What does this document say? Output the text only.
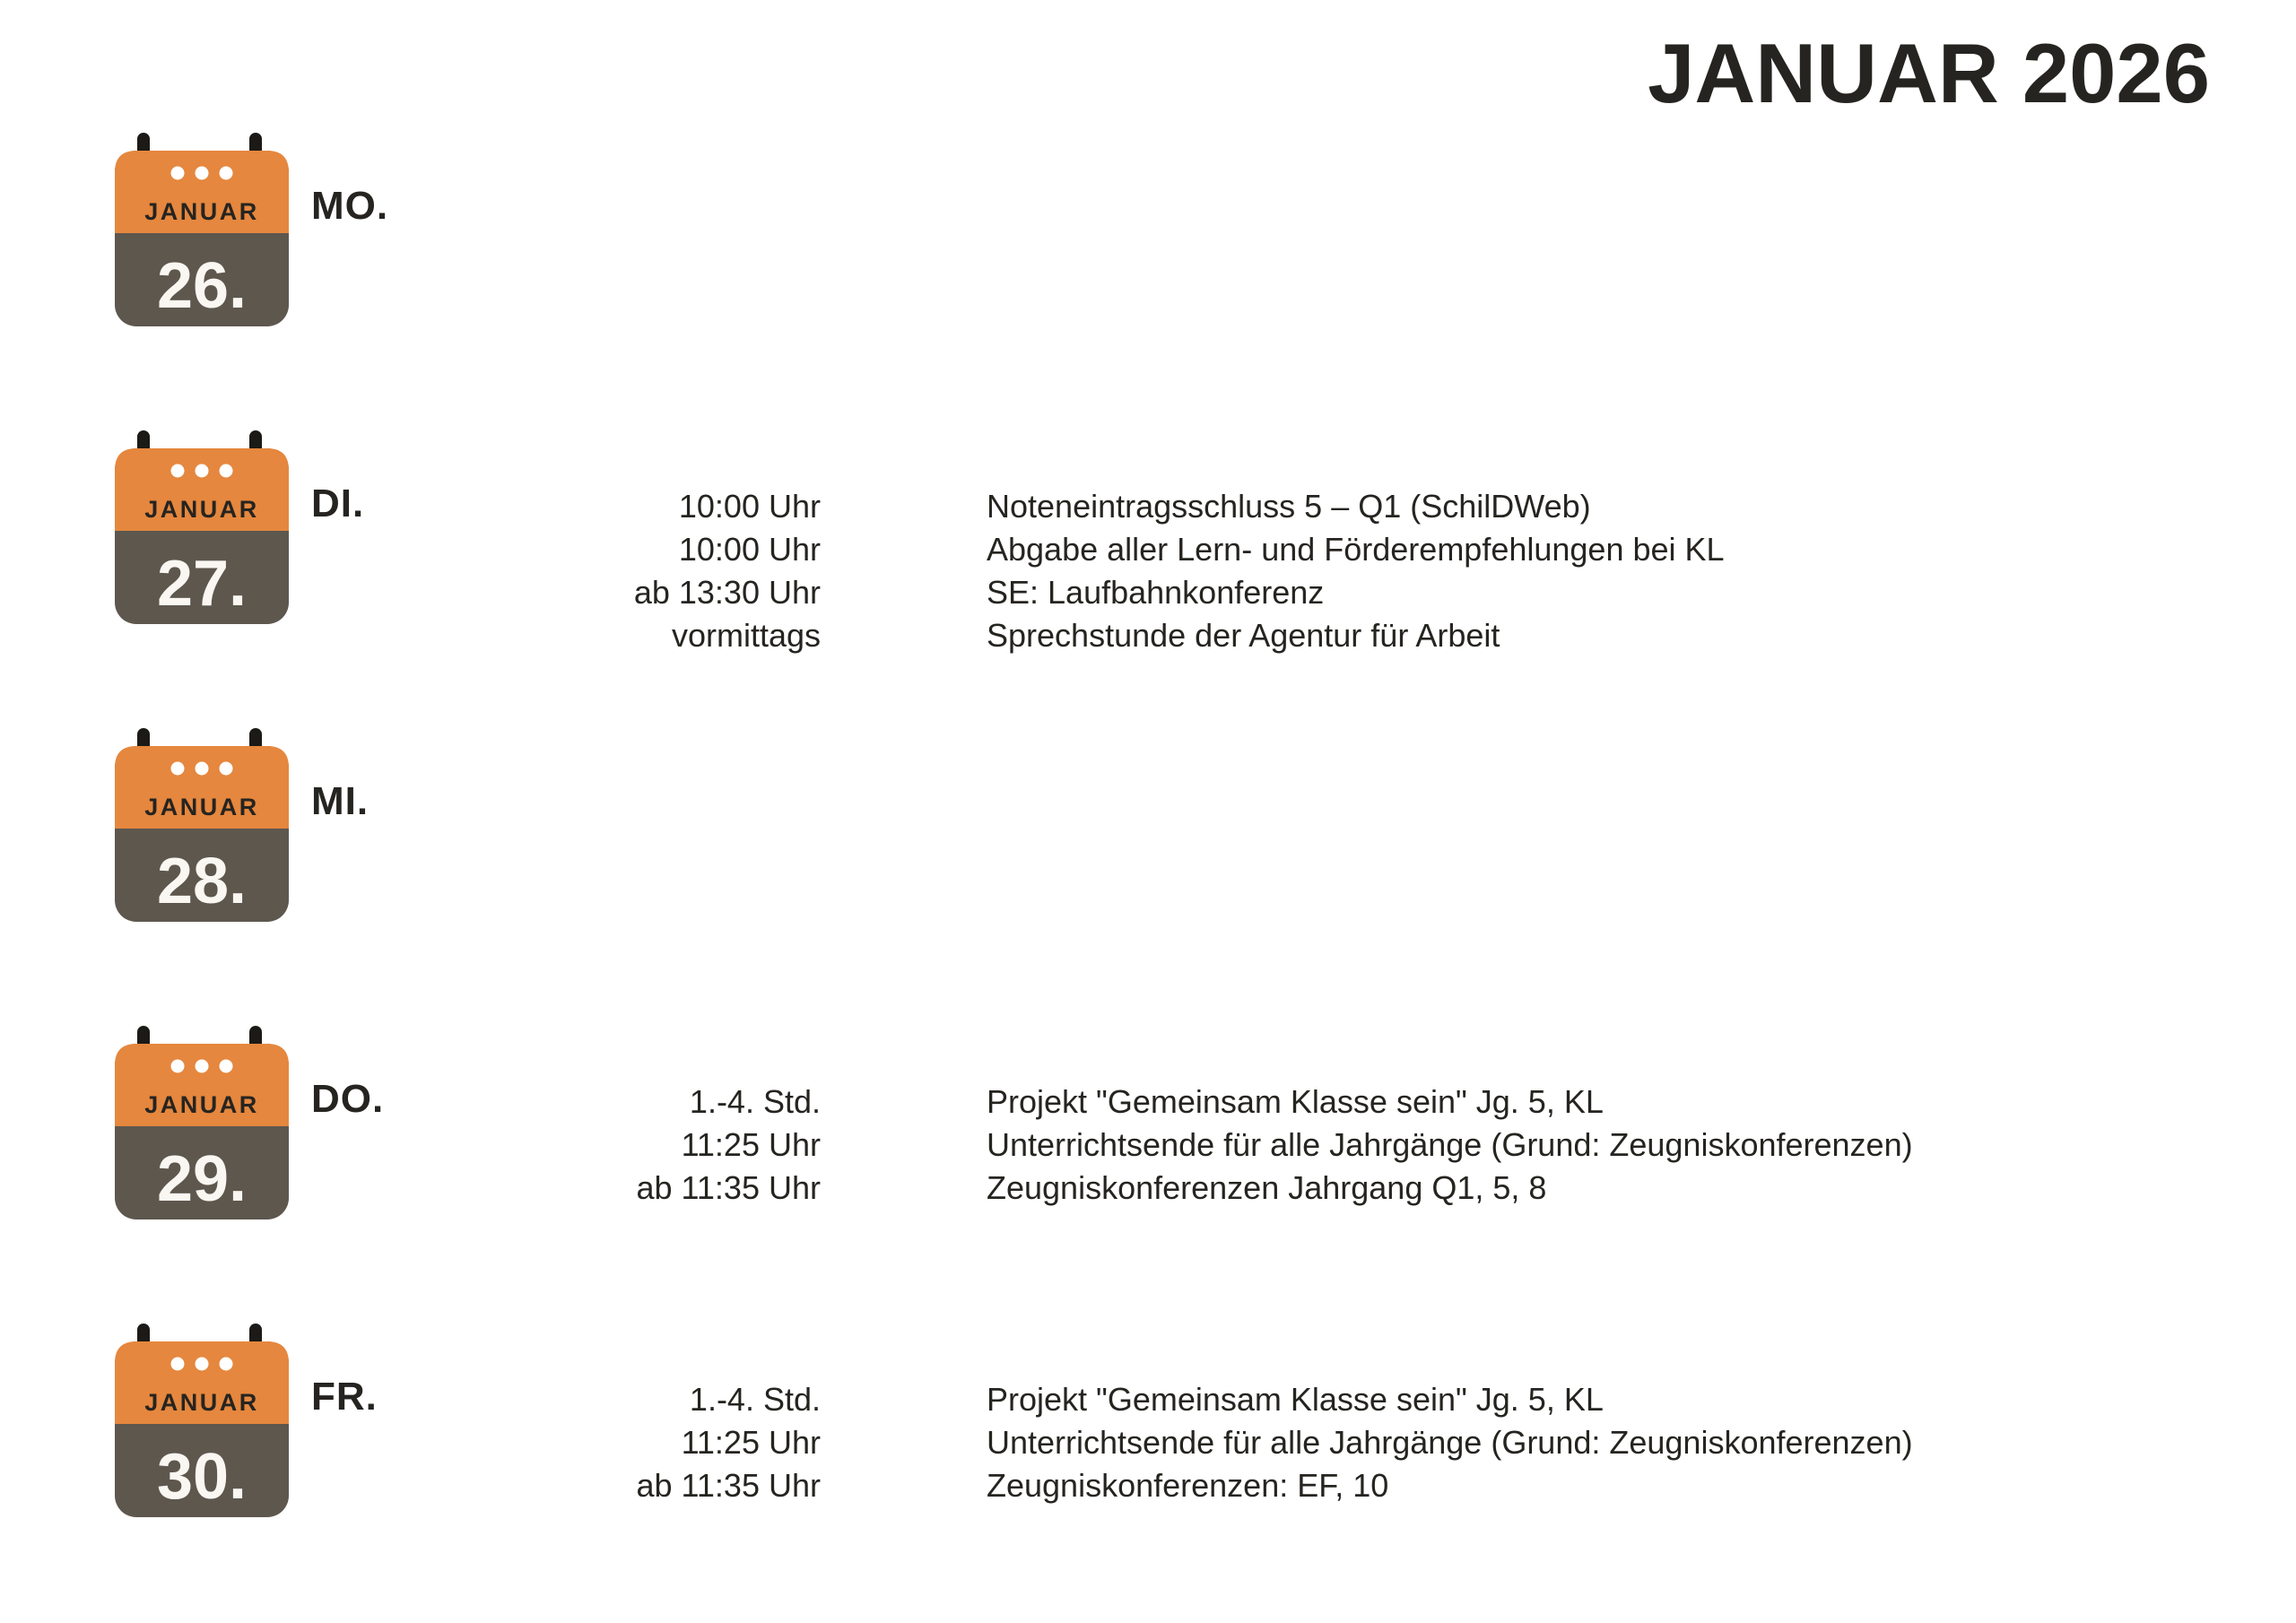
JANUAR 2026
JANUAR
26.
MO.
JANUAR
27.
DI.	10:00 Uhr	Noteneintragsschluss 5 – Q1 (SchilDWeb)
10:00 Uhr	Abgabe aller Lern- und Förderempfehlungen bei KL
ab 13:30 Uhr	SE: Laufbahnkonferenz
vormittags	Sprechstunde der Agentur für Arbeit
JANUAR
28.
MI.
JANUAR
29.
DO.	1.-4. Std.	Projekt "Gemeinsam Klasse sein" Jg. 5, KL
11:25 Uhr	Unterrichtsende für alle Jahrgänge (Grund: Zeugniskonferenzen)
ab 11:35 Uhr	Zeugniskonferenzen Jahrgang Q1, 5, 8
JANUAR
30.
FR.	1.-4. Std.	Projekt "Gemeinsam Klasse sein" Jg. 5, KL
11:25 Uhr	Unterrichtsende für alle Jahrgänge (Grund: Zeugniskonferenzen)
ab 11:35 Uhr	Zeugniskonferenzen: EF, 10
